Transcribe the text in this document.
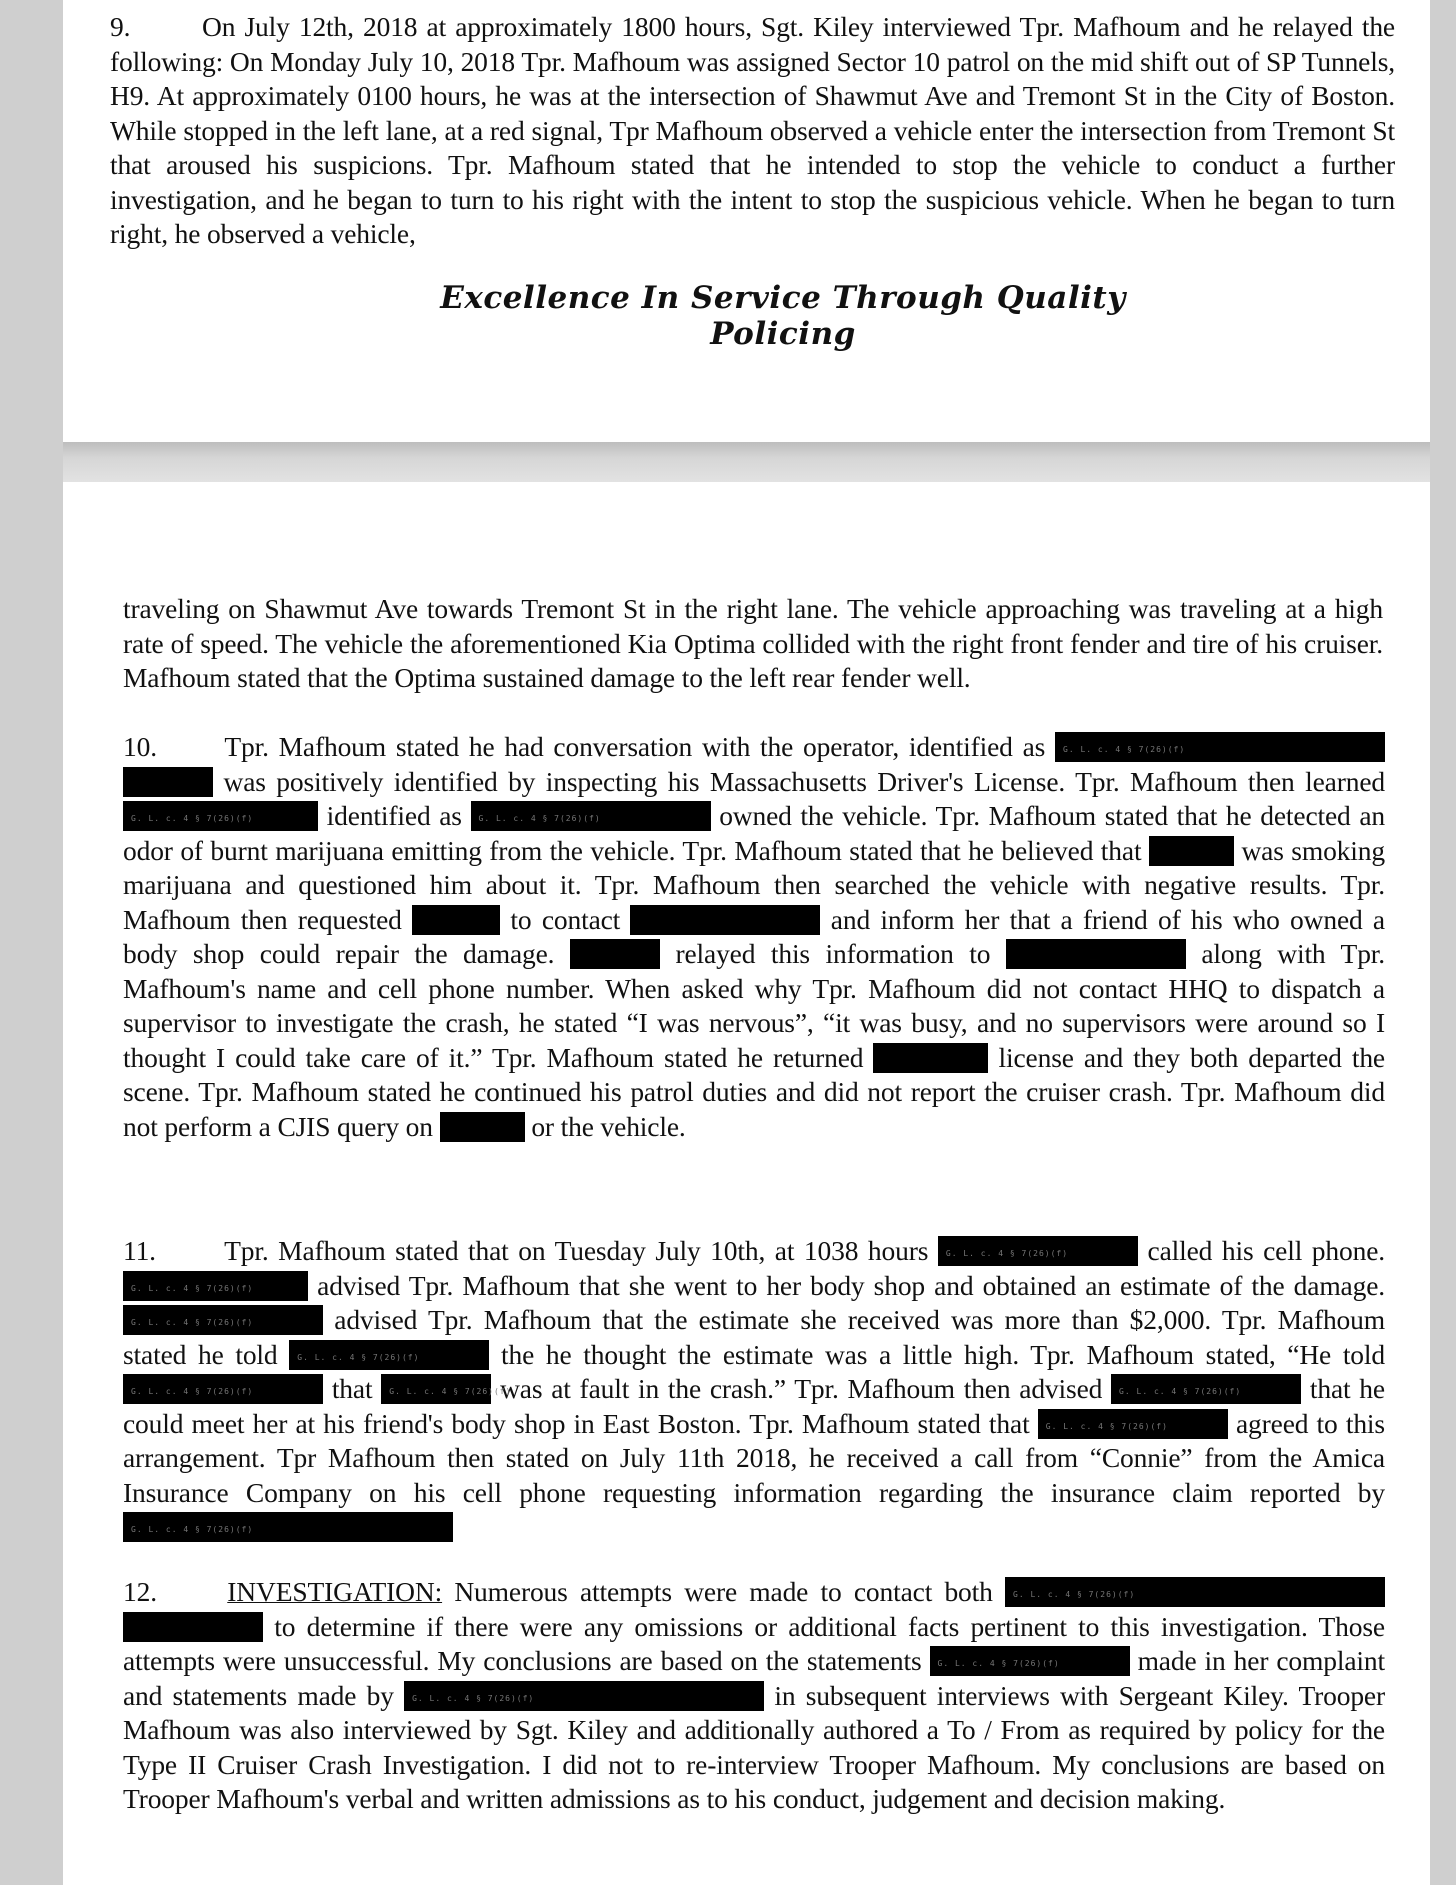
9.	On July 12th, 2018 at approximately 1800 hours, Sgt. Kiley interviewed Tpr. Mafhoum and he relayed the following: On Monday July 10, 2018 Tpr. Mafhoum was assigned Sector 10 patrol on the mid shift out of SP Tunnels, H9. At approximately 0100 hours, he was at the intersection of Shawmut Ave and Tremont St in the City of Boston. While stopped in the left lane, at a red signal, Tpr Mafhoum observed a vehicle enter the intersection from Tremont St that aroused his suspicions. Tpr. Mafhoum stated that he intended to stop the vehicle to conduct a further investigation, and he began to turn to his right with the intent to stop the suspicious vehicle. When he began to turn right, he observed a vehicle,
Excellence In Service Through Quality Policing
traveling on Shawmut Ave towards Tremont St in the right lane. The vehicle approaching was traveling at a high rate of speed. The vehicle the aforementioned Kia Optima collided with the right front fender and tire of his cruiser. Mafhoum stated that the Optima sustained damage to the left rear fender well.
10. Tpr. Mafhoum stated he had conversation with the operator, identified as G. L. c. 4 § 7(26)(f)  was positively identified by inspecting his Massachusetts Driver's License. Tpr. Mafhoum then learned G. L. c. 4 § 7(26)(f) identified as G. L. c. 4 § 7(26)(f)	owned the vehicle. Tpr. Mafhoum stated that he detected an odor of burnt marijuana emitting from the vehicle. Tpr. Mafhoum stated that he believed that	was smoking marijuana and questioned him about it. Tpr. Mafhoum then searched the vehicle with negative results. Tpr. Mafhoum then requested	to contact	and inform her that a friend of his who owned a body shop could repair the damage.	relayed this information to	along with Tpr. Mafhoum's name and cell phone number. When asked why Tpr. Mafhoum did not contact HHQ to dispatch a supervisor to investigate the crash, he stated “I was nervous”, “it was busy, and no supervisors were around so I thought I could take care of it.” Tpr. Mafhoum stated he returned	license and they both departed the scene. Tpr. Mafhoum stated he continued his patrol duties and did not report the cruiser crash. Tpr. Mafhoum did not perform a CJIS query on	or the vehicle.
11. Tpr. Mafhoum stated that on Tuesday July 10th, at 1038 hours G. L. c. 4 § 7(26)(f)	called his cell phone. G. L. c. 4 § 7(26)(f) advised Tpr. Mafhoum that she went to her body shop and obtained an estimate of the damage. G. L. c. 4 § 7(26)(f) advised Tpr. Mafhoum that the estimate she received was more than $2,000. Tpr. Mafhoum stated he told G. L. c. 4 § 7(26)(f)	the he thought the estimate was a little high. Tpr. Mafhoum stated, “He told G. L. c. 4 § 7(26)(f) that G. L. c. 4 § 7(26)(f)	was at fault in the crash.” Tpr. Mafhoum then advised G. L. c. 4 § 7(26)(f)	that he could meet her at his friend's body shop in East Boston. Tpr. Mafhoum stated that G. L. c. 4 § 7(26)(f)	agreed to this arrangement. Tpr Mafhoum then stated on July 11th 2018, he received a call from “Connie” from the Amica Insurance Company on his cell phone requesting information regarding the insurance claim reported by G. L. c. 4 § 7(26)(f)
12.	INVESTIGATION: Numerous attempts were made to contact both G. L. c. 4 § 7(26)(f)  to determine if there were any omissions or additional facts pertinent to this investigation. Those attempts were unsuccessful. My conclusions are based on the statements G. L. c. 4 § 7(26)(f)	made in her complaint and statements made by G. L. c. 4 § 7(26)(f)	in subsequent interviews with Sergeant Kiley. Trooper Mafhoum was also interviewed by Sgt. Kiley and additionally authored a To / From as required by policy for the Type II Cruiser Crash Investigation. I did not to re-interview Trooper Mafhoum. My conclusions are based on Trooper Mafhoum's verbal and written admissions as to his conduct, judgement and decision making.
